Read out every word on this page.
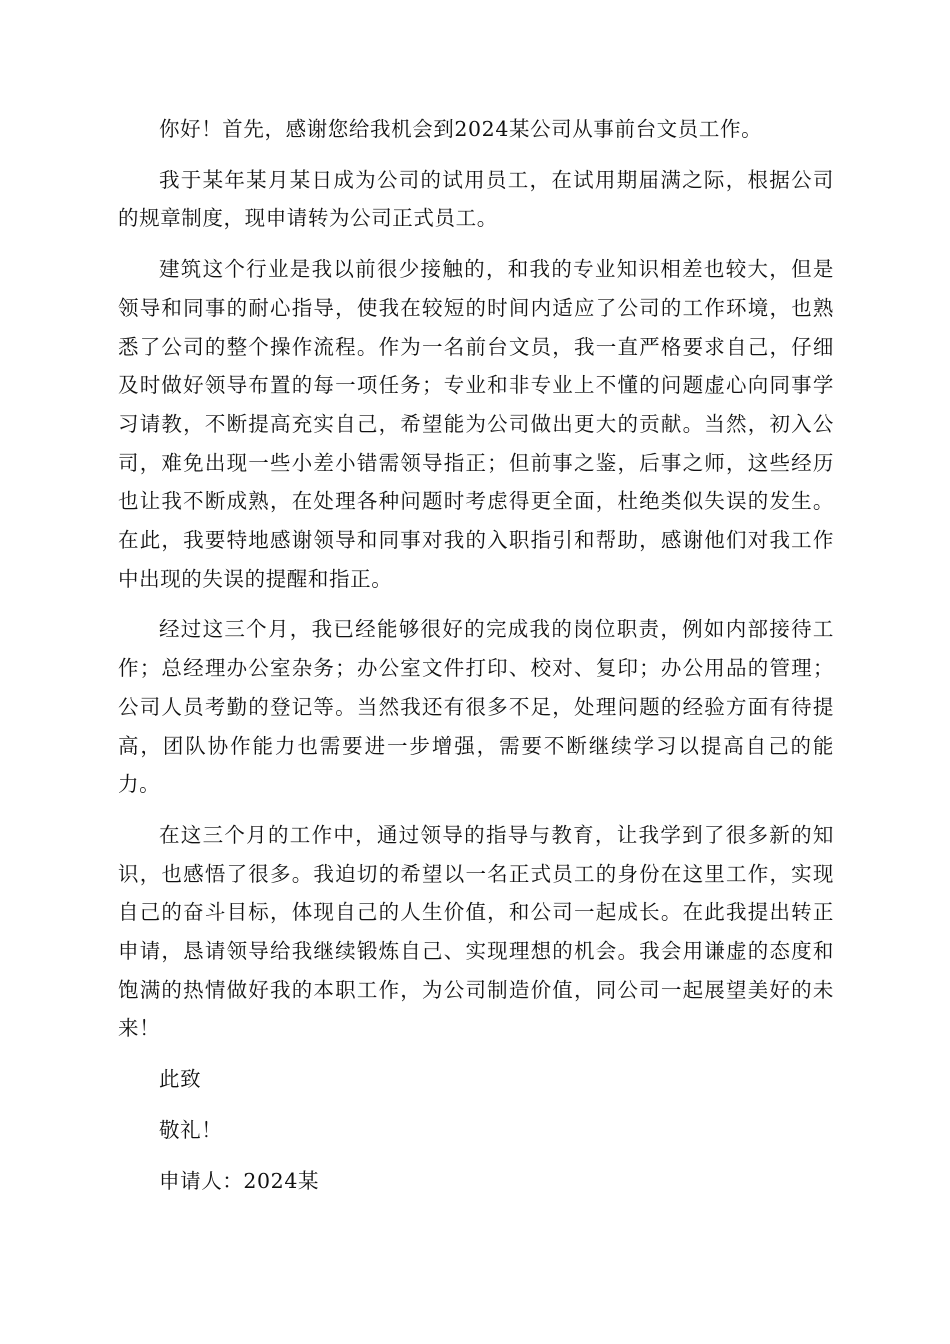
你好！首先，感谢您给我机会到2024某公司从事前台文员工作。

我于某年某月某日成为公司的试用员工，在试用期届满之际，根据公司的规章制度，现申请转为公司正式员工。

建筑这个行业是我以前很少接触的，和我的专业知识相差也较大，但是领导和同事的耐心指导，使我在较短的时间内适应了公司的工作环境，也熟悉了公司的整个操作流程。作为一名前台文员，我一直严格要求自己，仔细及时做好领导布置的每一项任务；专业和非专业上不懂的问题虚心向同事学习请教，不断提高充实自己，希望能为公司做出更大的贡献。当然，初入公司，难免出现一些小差小错需领导指正；但前事之鉴，后事之师，这些经历也让我不断成熟，在处理各种问题时考虑得更全面，杜绝类似失误的发生。在此，我要特地感谢领导和同事对我的入职指引和帮助，感谢他们对我工作中出现的失误的提醒和指正。

经过这三个月，我已经能够很好的完成我的岗位职责，例如内部接待工作；总经理办公室杂务；办公室文件打印、校对、复印；办公用品的管理；公司人员考勤的登记等。当然我还有很多不足，处理问题的经验方面有待提高，团队协作能力也需要进一步增强，需要不断继续学习以提高自己的能力。

在这三个月的工作中，通过领导的指导与教育，让我学到了很多新的知识，也感悟了很多。我迫切的希望以一名正式员工的身份在这里工作，实现自己的奋斗目标，体现自己的人生价值，和公司一起成长。在此我提出转正申请，恳请领导给我继续锻炼自己、实现理想的机会。我会用谦虚的态度和饱满的热情做好我的本职工作，为公司制造价值，同公司一起展望美好的未来！

此致

敬礼！

申请人：2024某
